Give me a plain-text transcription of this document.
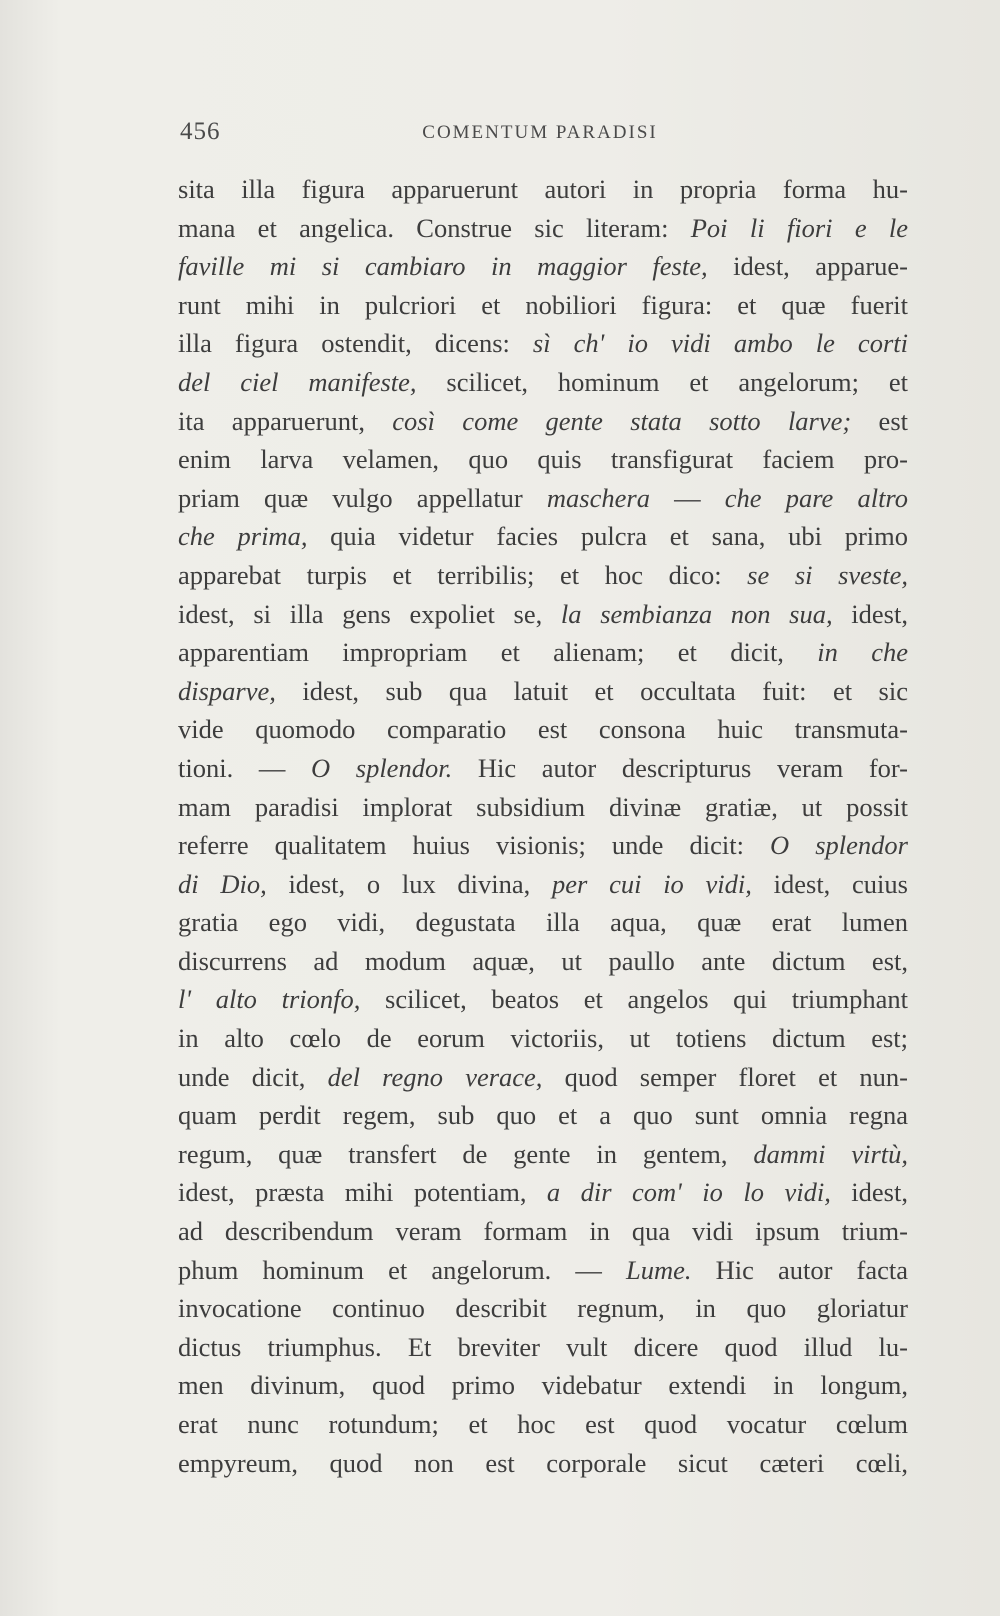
456	COMENTUM PARADISI
sita illa figura apparuerunt autori in propria forma hu-
mana et angelica. Construe sic literam: Poi li fiori e le
faville mi si cambiaro in maggior feste, idest, apparue-
runt mihi in pulcriori et nobiliori figura: et quæ fuerit
illa figura ostendit, dicens: sì ch' io vidi ambo le corti
del ciel manifeste, scilicet, hominum et angelorum; et
ita apparuerunt, così come gente stata sotto larve; est
enim larva velamen, quo quis transfigurat faciem pro-
priam quæ vulgo appellatur maschera — che pare altro
che prima, quia videtur facies pulcra et sana, ubi primo
apparebat turpis et terribilis; et hoc dico: se si sveste,
idest, si illa gens expoliet se, la sembianza non sua, idest,
apparentiam impropriam et alienam; et dicit, in che
disparve, idest, sub qua latuit et occultata fuit: et sic
vide quomodo comparatio est consona huic transmuta-
tioni. — O splendor. Hic autor descripturus veram for-
mam paradisi implorat subsidium divinæ gratiæ, ut possit
referre qualitatem huius visionis; unde dicit: O splendor
di Dio, idest, o lux divina, per cui io vidi, idest, cuius
gratia ego vidi, degustata illa aqua, quæ erat lumen
discurrens ad modum aquæ, ut paullo ante dictum est,
l' alto trionfo, scilicet, beatos et angelos qui triumphant
in alto cœlo de eorum victoriis, ut totiens dictum est;
unde dicit, del regno verace, quod semper floret et nun-
quam perdit regem, sub quo et a quo sunt omnia regna
regum, quæ transfert de gente in gentem, dammi virtù,
idest, præsta mihi potentiam, a dir com' io lo vidi, idest,
ad describendum veram formam in qua vidi ipsum trium-
phum hominum et angelorum. — Lume. Hic autor facta
invocatione continuo describit regnum, in quo gloriatur
dictus triumphus. Et breviter vult dicere quod illud lu-
men divinum, quod primo videbatur extendi in longum,
erat nunc rotundum; et hoc est quod vocatur cœlum
empyreum, quod non est corporale sicut cæteri cœli,
